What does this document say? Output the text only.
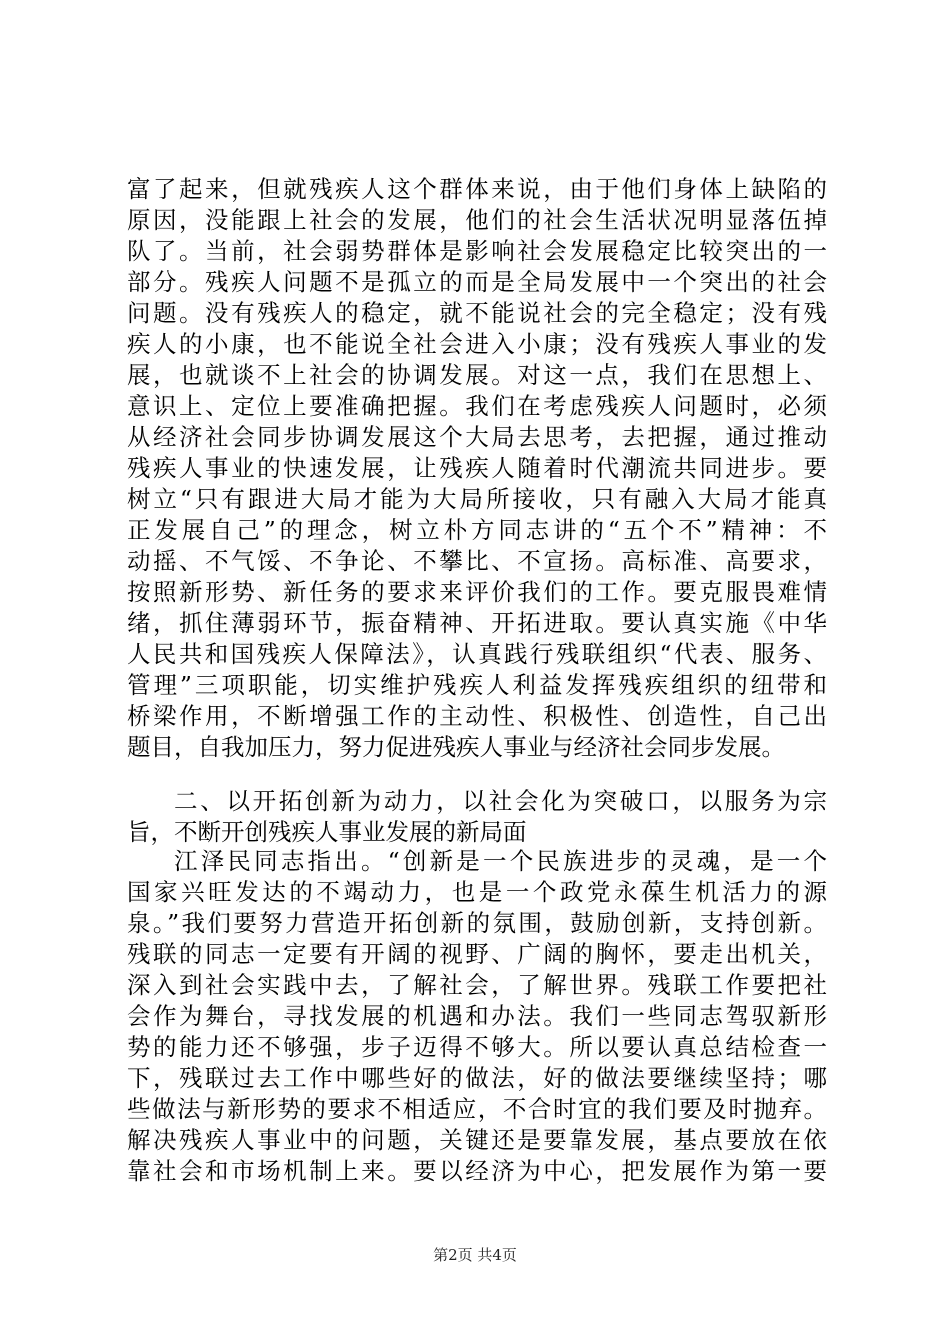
富了起来，但就残疾人这个群体来说，由于他们身体上缺陷的
原因，没能跟上社会的发展，他们的社会生活状况明显落伍掉
队了。当前，社会弱势群体是影响社会发展稳定比较突出的一
部分。残疾人问题不是孤立的而是全局发展中一个突出的社会
问题。没有残疾人的稳定，就不能说社会的完全稳定；没有残
疾人的小康，也不能说全社会进入小康；没有残疾人事业的发
展，也就谈不上社会的协调发展。对这一点，我们在思想上、
意识上、定位上要准确把握。我们在考虑残疾人问题时，必须
从经济社会同步协调发展这个大局去思考，去把握，通过推动
残疾人事业的快速发展，让残疾人随着时代潮流共同进步。要
树立“只有跟进大局才能为大局所接收，只有融入大局才能真
正发展自己”的理念，树立朴方同志讲的“五个不”精神：不
动摇、不气馁、不争论、不攀比、不宣扬。高标准、高要求，
按照新形势、新任务的要求来评价我们的工作。要克服畏难情
绪，抓住薄弱环节，振奋精神、开拓进取。要认真实施《中华
人民共和国残疾人保障法》，认真践行残联组织“代表、服务、
管理”三项职能，切实维护残疾人利益发挥残疾组织的纽带和
桥梁作用，不断增强工作的主动性、积极性、创造性，自己出
题目，自我加压力，努力促进残疾人事业与经济社会同步发展。
二、以开拓创新为动力，以社会化为突破口，以服务为宗
旨，不断开创残疾人事业发展的新局面
江泽民同志指出。“创新是一个民族进步的灵魂，是一个
国家兴旺发达的不竭动力，也是一个政党永葆生机活力的源
泉。”我们要努力营造开拓创新的氛围，鼓励创新，支持创新。
残联的同志一定要有开阔的视野、广阔的胸怀，要走出机关，
深入到社会实践中去，了解社会，了解世界。残联工作要把社
会作为舞台，寻找发展的机遇和办法。我们一些同志驾驭新形
势的能力还不够强，步子迈得不够大。所以要认真总结检查一
下，残联过去工作中哪些好的做法，好的做法要继续坚持；哪
些做法与新形势的要求不相适应，不合时宜的我们要及时抛弃。
解决残疾人事业中的问题，关键还是要靠发展，基点要放在依
靠社会和市场机制上来。要以经济为中心，把发展作为第一要
第2页 共4页
